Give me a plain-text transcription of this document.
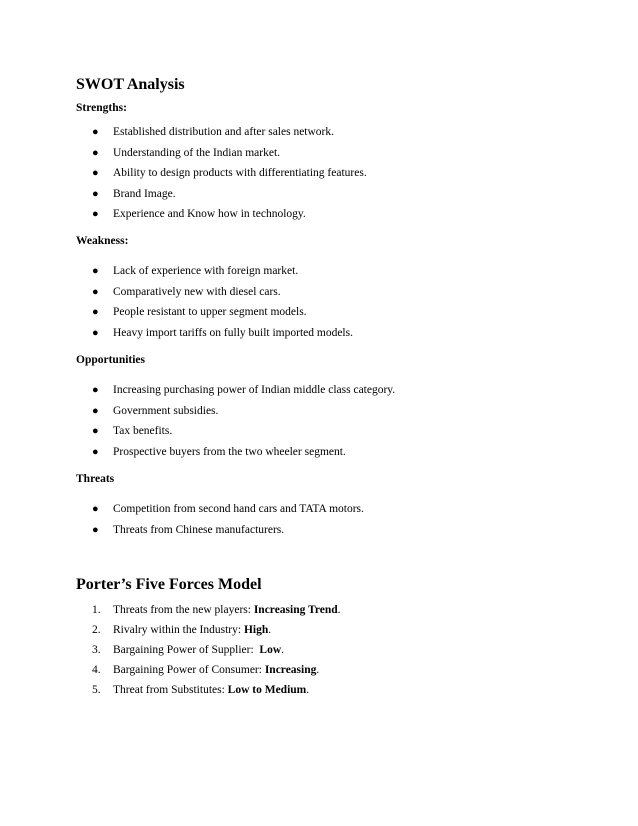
SWOT Analysis
Strengths:
● Established distribution and after sales network.
● Understanding of the Indian market.
● Ability to design products with differentiating features.
● Brand Image.
● Experience and Know how in technology.
Weakness:
● Lack of experience with foreign market.
● Comparatively new with diesel cars.
● People resistant to upper segment models.
● Heavy import tariffs on fully built imported models.
Opportunities
● Increasing purchasing power of Indian middle class category.
● Government subsidies.
● Tax benefits.
● Prospective buyers from the two wheeler segment.
Threats
● Competition from second hand cars and TATA motors.
● Threats from Chinese manufacturers.
Porter’s Five Forces Model
1. Threats from the new players: Increasing Trend.
2. Rivalry within the Industry: High.
3. Bargaining Power of Supplier:  Low.
4. Bargaining Power of Consumer: Increasing.
5. Threat from Substitutes: Low to Medium.
